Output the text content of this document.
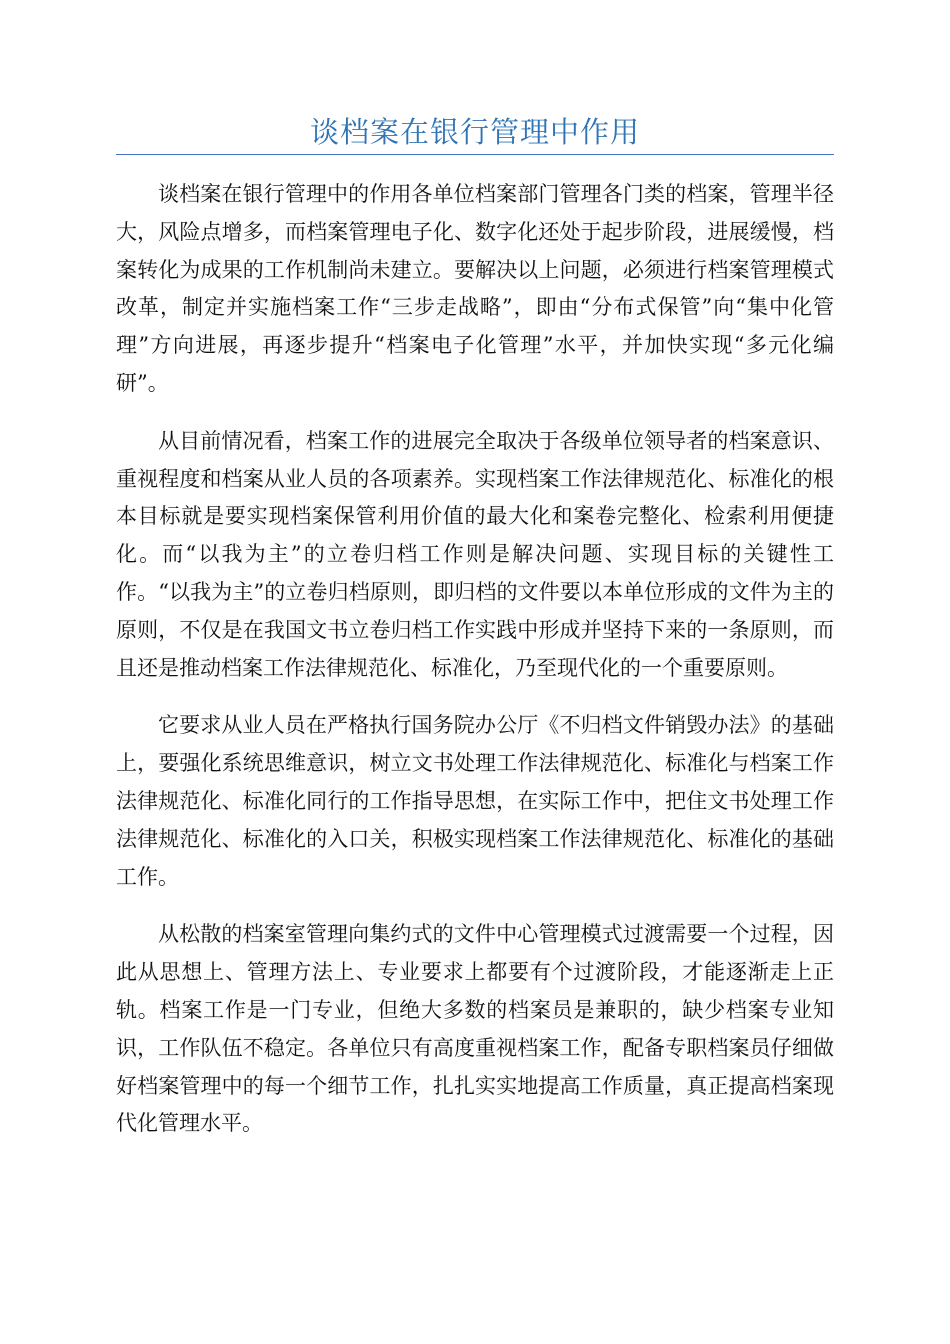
谈档案在银行管理中作用

谈档案在银行管理中的作用各单位档案部门管理各门类的档案，管理半径大，风险点增多，而档案管理电子化、数字化还处于起步阶段，进展缓慢，档案转化为成果的工作机制尚未建立。要解决以上问题，必须进行档案管理模式改革，制定并实施档案工作“三步走战略”，即由“分布式保管”向“集中化管理”方向进展，再逐步提升“档案电子化管理”水平，并加快实现“多元化编研”。

从目前情况看，档案工作的进展完全取决于各级单位领导者的档案意识、重视程度和档案从业人员的各项素养。实现档案工作法律规范化、标准化的根本目标就是要实现档案保管利用价值的最大化和案卷完整化、检索利用便捷化。而“以我为主”的立卷归档工作则是解决问题、实现目标的关键性工作。“以我为主”的立卷归档原则，即归档的文件要以本单位形成的文件为主的原则，不仅是在我国文书立卷归档工作实践中形成并坚持下来的一条原则，而且还是推动档案工作法律规范化、标准化，乃至现代化的一个重要原则。

它要求从业人员在严格执行国务院办公厅《不归档文件销毁办法》的基础上，要强化系统思维意识，树立文书处理工作法律规范化、标准化与档案工作法律规范化、标准化同行的工作指导思想，在实际工作中，把住文书处理工作法律规范化、标准化的入口关，积极实现档案工作法律规范化、标准化的基础工作。

从松散的档案室管理向集约式的文件中心管理模式过渡需要一个过程，因此从思想上、管理方法上、专业要求上都要有个过渡阶段，才能逐渐走上正轨。档案工作是一门专业，但绝大多数的档案员是兼职的，缺少档案专业知识，工作队伍不稳定。各单位只有高度重视档案工作，配备专职档案员仔细做好档案管理中的每一个细节工作，扎扎实实地提高工作质量，真正提高档案现代化管理水平。
